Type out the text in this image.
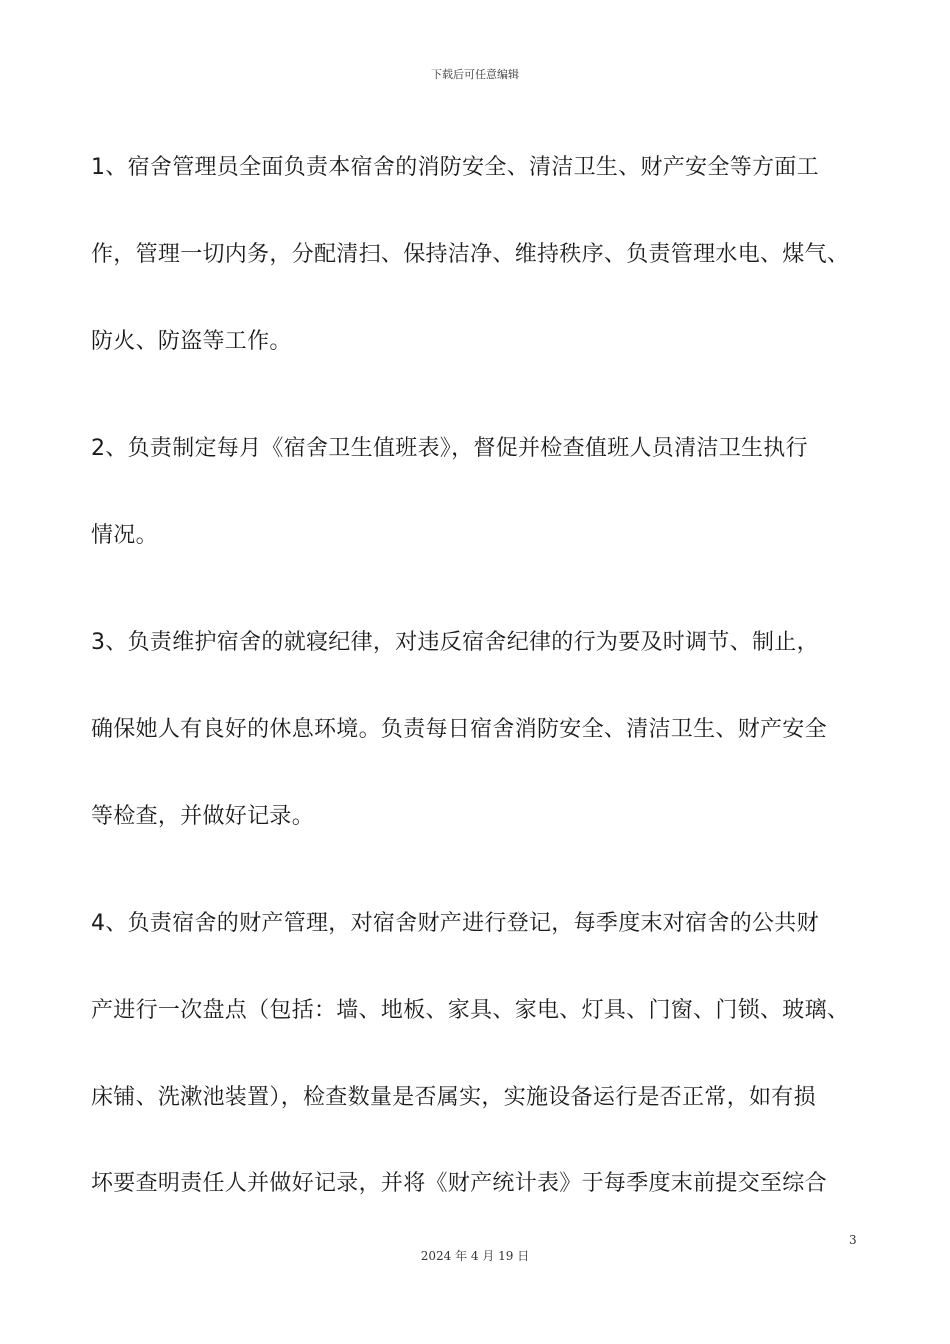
下载后可任意编辑
1、宿舍管理员全面负责本宿舍的消防安全、清洁卫生、财产安全等方面工
作，管理一切内务，分配清扫、保持洁净、维持秩序、负责管理水电、煤气、
防火、防盗等工作。
2、负责制定每月《宿舍卫生值班表》，督促并检查值班人员清洁卫生执行
情况。
3、负责维护宿舍的就寝纪律，对违反宿舍纪律的行为要及时调节、制止，
确保她人有良好的休息环境。负责每日宿舍消防安全、清洁卫生、财产安全
等检查，并做好记录。
4、负责宿舍的财产管理，对宿舍财产进行登记，每季度末对宿舍的公共财
产进行一次盘点（包括：墙、地板、家具、家电、灯具、门窗、门锁、玻璃、
床铺、洗漱池装置），检查数量是否属实，实施设备运行是否正常，如有损
坏要查明责任人并做好记录，并将《财产统计表》于每季度末前提交至综合
3
2024 年 4 月 19 日
